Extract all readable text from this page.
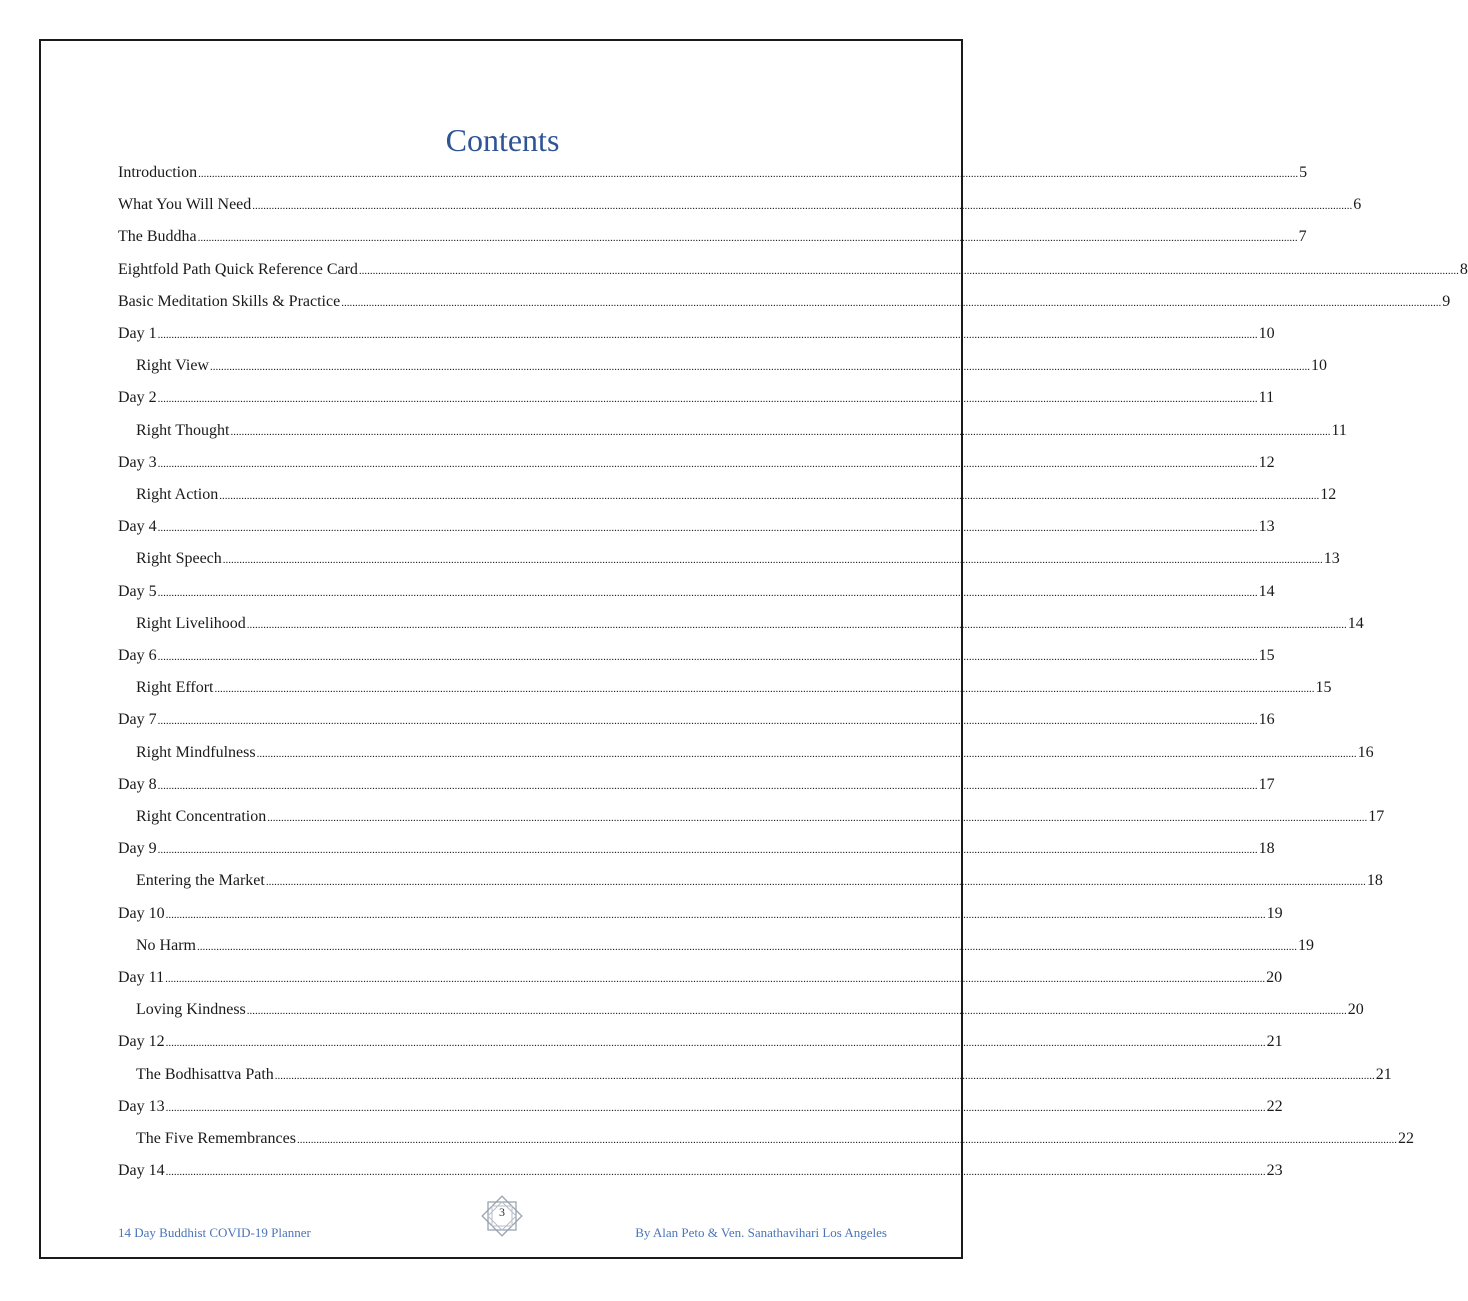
Contents
Introduction ................................................................................................................................................................................................................................................................................................................................................................................................................ 5
What You Will Need ................................................................................................................................................................................................................................................................................................................................................................................................................ 6
The Buddha ................................................................................................................................................................................................................................................................................................................................................................................................................ 7
Eightfold Path Quick Reference Card ................................................................................................................................................................................................................................................................................................................................................................................................................ 8
Basic Meditation Skills & Practice ................................................................................................................................................................................................................................................................................................................................................................................................................ 9
Day 1 ................................................................................................................................................................................................................................................................................................................................................................................................................ 10
Right View ................................................................................................................................................................................................................................................................................................................................................................................................................ 10
Day 2 ................................................................................................................................................................................................................................................................................................................................................................................................................ 11
Right Thought ................................................................................................................................................................................................................................................................................................................................................................................................................ 11
Day 3 ................................................................................................................................................................................................................................................................................................................................................................................................................ 12
Right Action ................................................................................................................................................................................................................................................................................................................................................................................................................ 12
Day 4 ................................................................................................................................................................................................................................................................................................................................................................................................................ 13
Right Speech ................................................................................................................................................................................................................................................................................................................................................................................................................ 13
Day 5 ................................................................................................................................................................................................................................................................................................................................................................................................................ 14
Right Livelihood ................................................................................................................................................................................................................................................................................................................................................................................................................ 14
Day 6 ................................................................................................................................................................................................................................................................................................................................................................................................................ 15
Right Effort ................................................................................................................................................................................................................................................................................................................................................................................................................ 15
Day 7 ................................................................................................................................................................................................................................................................................................................................................................................................................ 16
Right Mindfulness ................................................................................................................................................................................................................................................................................................................................................................................................................ 16
Day 8 ................................................................................................................................................................................................................................................................................................................................................................................................................ 17
Right Concentration ................................................................................................................................................................................................................................................................................................................................................................................................................ 17
Day 9 ................................................................................................................................................................................................................................................................................................................................................................................................................ 18
Entering the Market ................................................................................................................................................................................................................................................................................................................................................................................................................ 18
Day 10 ................................................................................................................................................................................................................................................................................................................................................................................................................ 19
No Harm ................................................................................................................................................................................................................................................................................................................................................................................................................ 19
Day 11 ................................................................................................................................................................................................................................................................................................................................................................................................................ 20
Loving Kindness ................................................................................................................................................................................................................................................................................................................................................................................................................ 20
Day 12 ................................................................................................................................................................................................................................................................................................................................................................................................................ 21
The Bodhisattva Path ................................................................................................................................................................................................................................................................................................................................................................................................................ 21
Day 13 ................................................................................................................................................................................................................................................................................................................................................................................................................ 22
The Five Remembrances ................................................................................................................................................................................................................................................................................................................................................................................................................ 22
Day 14 ................................................................................................................................................................................................................................................................................................................................................................................................................ 23
14 Day Buddhist COVID-19 Planner
3
By Alan Peto & Ven. Sanathavihari Los Angeles
